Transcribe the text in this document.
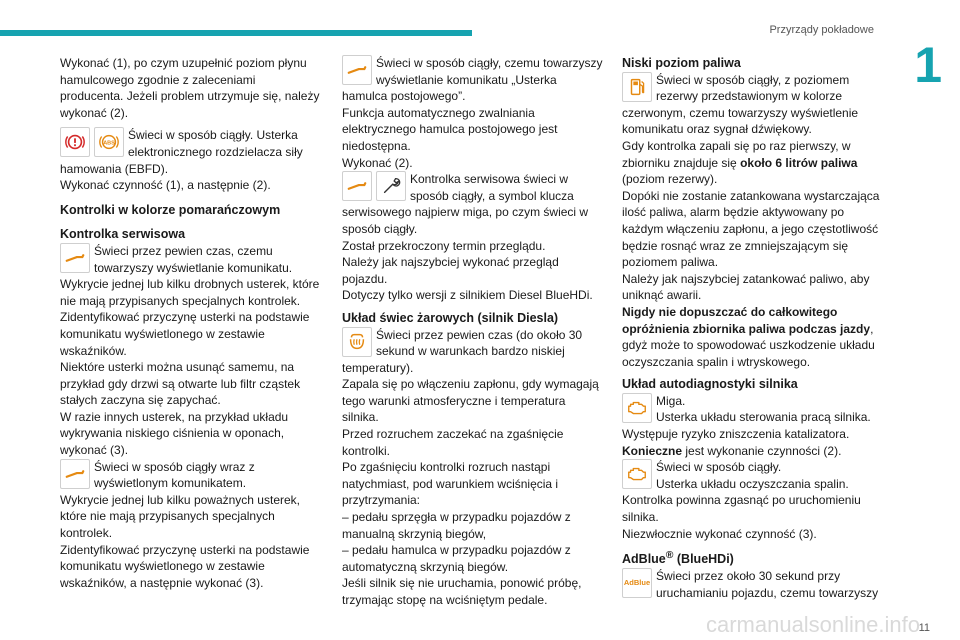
Przyrządy pokładowe
1

Wykonać (1), po czym uzupełnić poziom płynu hamulcowego zgodnie z zaleceniami producenta. Jeżeli problem utrzymuje się, należy wykonać (2).

ABS

Świeci w sposób ciągły. Usterka elektronicznego rozdzielacza siły hamowania (EBFD).

Wykonać czynność (1), a następnie (2).

Kontrolki w kolorze pomarańczowym

Kontrolka serwisowa

Świeci przez pewien czas, czemu towarzyszy wyświetlanie komunikatu.

Wykrycie jednej lub kilku drobnych usterek, które nie mają przypisanych specjalnych kontrolek.

Zidentyfikować przyczynę usterki na podstawie komunikatu wyświetlonego w zestawie wskaźników.

Niektóre usterki można usunąć samemu, na przykład gdy drzwi są otwarte lub filtr cząstek stałych zaczyna się zapychać.

W razie innych usterek, na przykład układu wykrywania niskiego ciśnienia w oponach, wykonać (3).

Świeci w sposób ciągły wraz z wyświetlonym komunikatem.

Wykrycie jednej lub kilku poważnych usterek, które nie mają przypisanych specjalnych kontrolek.

Zidentyfikować przyczynę usterki na podstawie komunikatu wyświetlonego w zestawie wskaźników, a następnie wykonać (3).

Świeci w sposób ciągły, czemu towarzyszy wyświetlanie komunikatu „Usterka hamulca postojowego”.

Funkcja automatycznego zwalniania elektrycznego hamulca postojowego jest niedostępna.

Wykonać (2).

Kontrolka serwisowa świeci w sposób ciągły, a symbol klucza serwisowego najpierw miga, po czym świeci w sposób ciągły.

Został przekroczony termin przeglądu.

Należy jak najszybciej wykonać przegląd pojazdu.

Dotyczy tylko wersji z silnikiem Diesel BlueHDi.

Układ świec żarowych (silnik Diesla)

Świeci przez pewien czas (do około 30 sekund w warunkach bardzo niskiej temperatury).

Zapala się po włączeniu zapłonu, gdy wymagają tego warunki atmosferyczne i temperatura silnika.

Przed rozruchem zaczekać na zgaśnięcie kontrolki.

Po zgaśnięciu kontrolki rozruch nastąpi natychmiast, pod warunkiem wciśnięcia i przytrzymania:

– pedału sprzęgła w przypadku pojazdów z manualną skrzynią biegów,

– pedału hamulca w przypadku pojazdów z automatyczną skrzynią biegów.

Jeśli silnik się nie uruchamia, ponowić próbę, trzymając stopę na wciśniętym pedale.

Niski poziom paliwa

Świeci w sposób ciągły, z poziomem rezerwy przedstawionym w kolorze czerwonym, czemu towarzyszy wyświetlenie komunikatu oraz sygnał dźwiękowy.

Gdy kontrolka zapali się po raz pierwszy, w zbiorniku znajduje się około 6 litrów paliwa (poziom rezerwy).

Dopóki nie zostanie zatankowana wystarczająca ilość paliwa, alarm będzie aktywowany po każdym włączeniu zapłonu, a jego częstotliwość będzie rosnąć wraz ze zmniejszającym się poziomem paliwa.

Należy jak najszybciej zatankować paliwo, aby uniknąć awarii.

Nigdy nie dopuszczać do całkowitego opróżnienia zbiornika paliwa podczas jazdy, gdyż może to spowodować uszkodzenie układu oczyszczania spalin i wtryskowego.

Układ autodiagnostyki silnika

Miga.

Usterka układu sterowania pracą silnika.

Występuje ryzyko zniszczenia katalizatora.

Konieczne jest wykonanie czynności (2).

Świeci w sposób ciągły.

Usterka układu oczyszczania spalin.

Kontrolka powinna zgasnąć po uruchomieniu silnika.

Niezwłocznie wykonać czynność (3).

AdBlue® (BlueHDi)

AdBlue Świeci przez około 30 sekund przy uruchamianiu pojazdu, czemu towarzyszy

carmanualsonline.info
11
